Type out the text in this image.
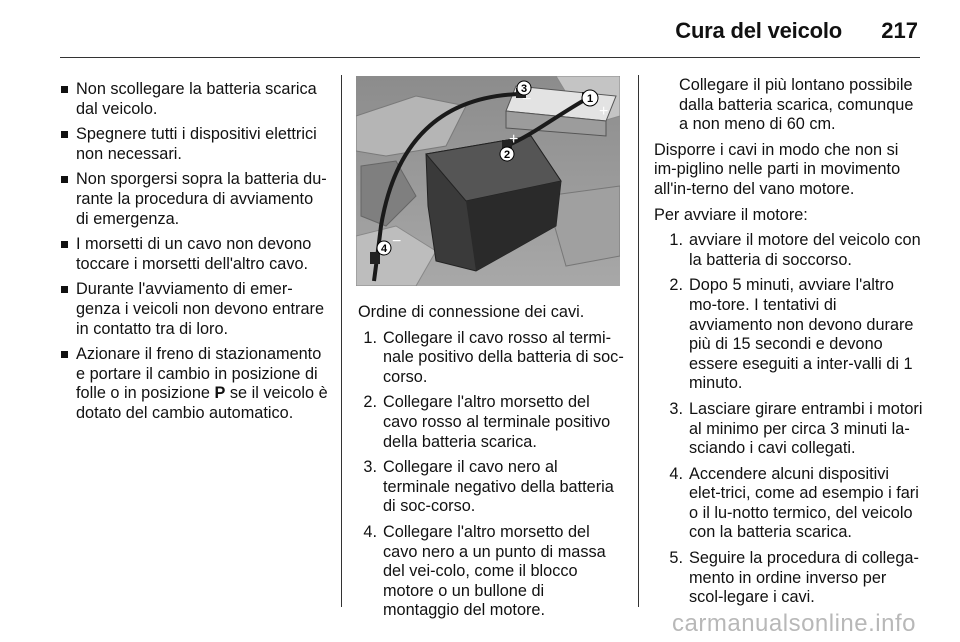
Cura del veicolo 217
Non scollegare la batteria scarica dal veicolo.
Spegnere tutti i dispositivi elettrici non necessari.
Non sporgersi sopra la batteria du-rante la procedura di avviamento di emergenza.
I morsetti di un cavo non devono toccare i morsetti dell'altro cavo.
Durante l'avviamento di emer-genza i veicoli non devono entrare in contatto tra di loro.
Azionare il freno di stazionamento e portare il cambio in posizione di folle o in posizione P se il veicolo è dotato del cambio automatico.
1
+
2
+
3
−
4 −
Ordine di connessione dei cavi.
1. Collegare il cavo rosso al termi-nale positivo della batteria di soc-corso.
2. Collegare l'altro morsetto del cavo rosso al terminale positivo della batteria scarica.
3. Collegare il cavo nero al terminale negativo della batteria di soc-corso.
4. Collegare l'altro morsetto del cavo nero a un punto di massa del vei-colo, come il blocco motore o un bullone di montaggio del motore.
Collegare il più lontano possibile dalla batteria scarica, comunque a non meno di 60 cm.
Disporre i cavi in modo che non si im-piglino nelle parti in movimento all'in-terno del vano motore.
Per avviare il motore:
1. avviare il motore del veicolo con la batteria di soccorso.
2. Dopo 5 minuti, avviare l'altro mo-tore. I tentativi di avviamento non devono durare più di 15 secondi e devono essere eseguiti a inter-valli di 1 minuto.
3. Lasciare girare entrambi i motori al minimo per circa 3 minuti la-sciando i cavi collegati.
4. Accendere alcuni dispositivi elet-trici, come ad esempio i fari o il lu-notto termico, del veicolo con la batteria scarica.
5. Seguire la procedura di collega-mento in ordine inverso per scol-legare i cavi.
carmanualsonline.info
